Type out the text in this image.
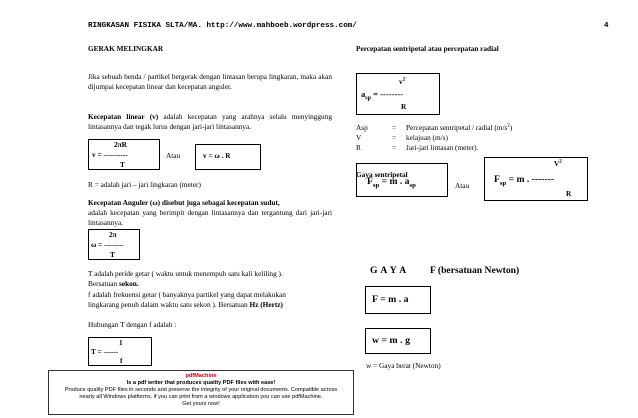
RINGKASAN FISIKA SLTA/MA. http://www.mahboeb.wordpress.com/	4
GERAK MELINGKAR
Jika sebuah benda / partikel bergerak dengan lintasan berupa lingkaran, maka akan dijumpai kecepatan linear dan kecepatan anguler.
Kecepatan linear (v) adalah kecepatan yang arahnya selalu menyinggung lintasannya dan tegak lurus dengan jari-jari lintasannya.
2πR
v = ----------
T
Atau	v = ω . R
R = adalah jari – jari lingkaran (meter)
Kecepatan Anguler (ω) disebut juga sebagai kecepatan sudut,
adalah kecepatan yang berimpit dengan lintasannya dan tergantung dari jari-jari lintasannya.
2π
ω = --------
T
T adalah peride getar ( waktu untuk menempuh satu kali keliling ).
Bersatuan sekon.
f adalah frekuensi getar ( banyaknya partikel yang dapat melakukan
lingkarang penuh dalam waktu satu sekon ). Bersatuan Hz (Hertz)
Hubungan T dengan f adalah :
1
T = ------
f
Percepatan sentripetal atau percepatan radial
$v^2$
$a_{sp}$ = --------
R
Asp	= Percepatan sentripetal / radial $(m/s^2)$
V	= kelajuan (m/s)
R	= Jari-jari lintasan (meter).
Gaya sentripetal
$F_{sp} = m$ . $a_{sp}$	Atau
$V^2$
$F_{sp} = m$ . -------
R
G A Y A F (bersatuan Newton)
F = m . a
w = m . g
w = Gaya berat (Newton)
pdfMachine
Is a pdf writer that produces quality PDF files with ease!
Produce quality PDF files in seconds and preserve the integrity of your original documents. Compatible across
nearly all Windows platforms, if you can print from a windows application you can use pdfMachine.
Get yours now!
